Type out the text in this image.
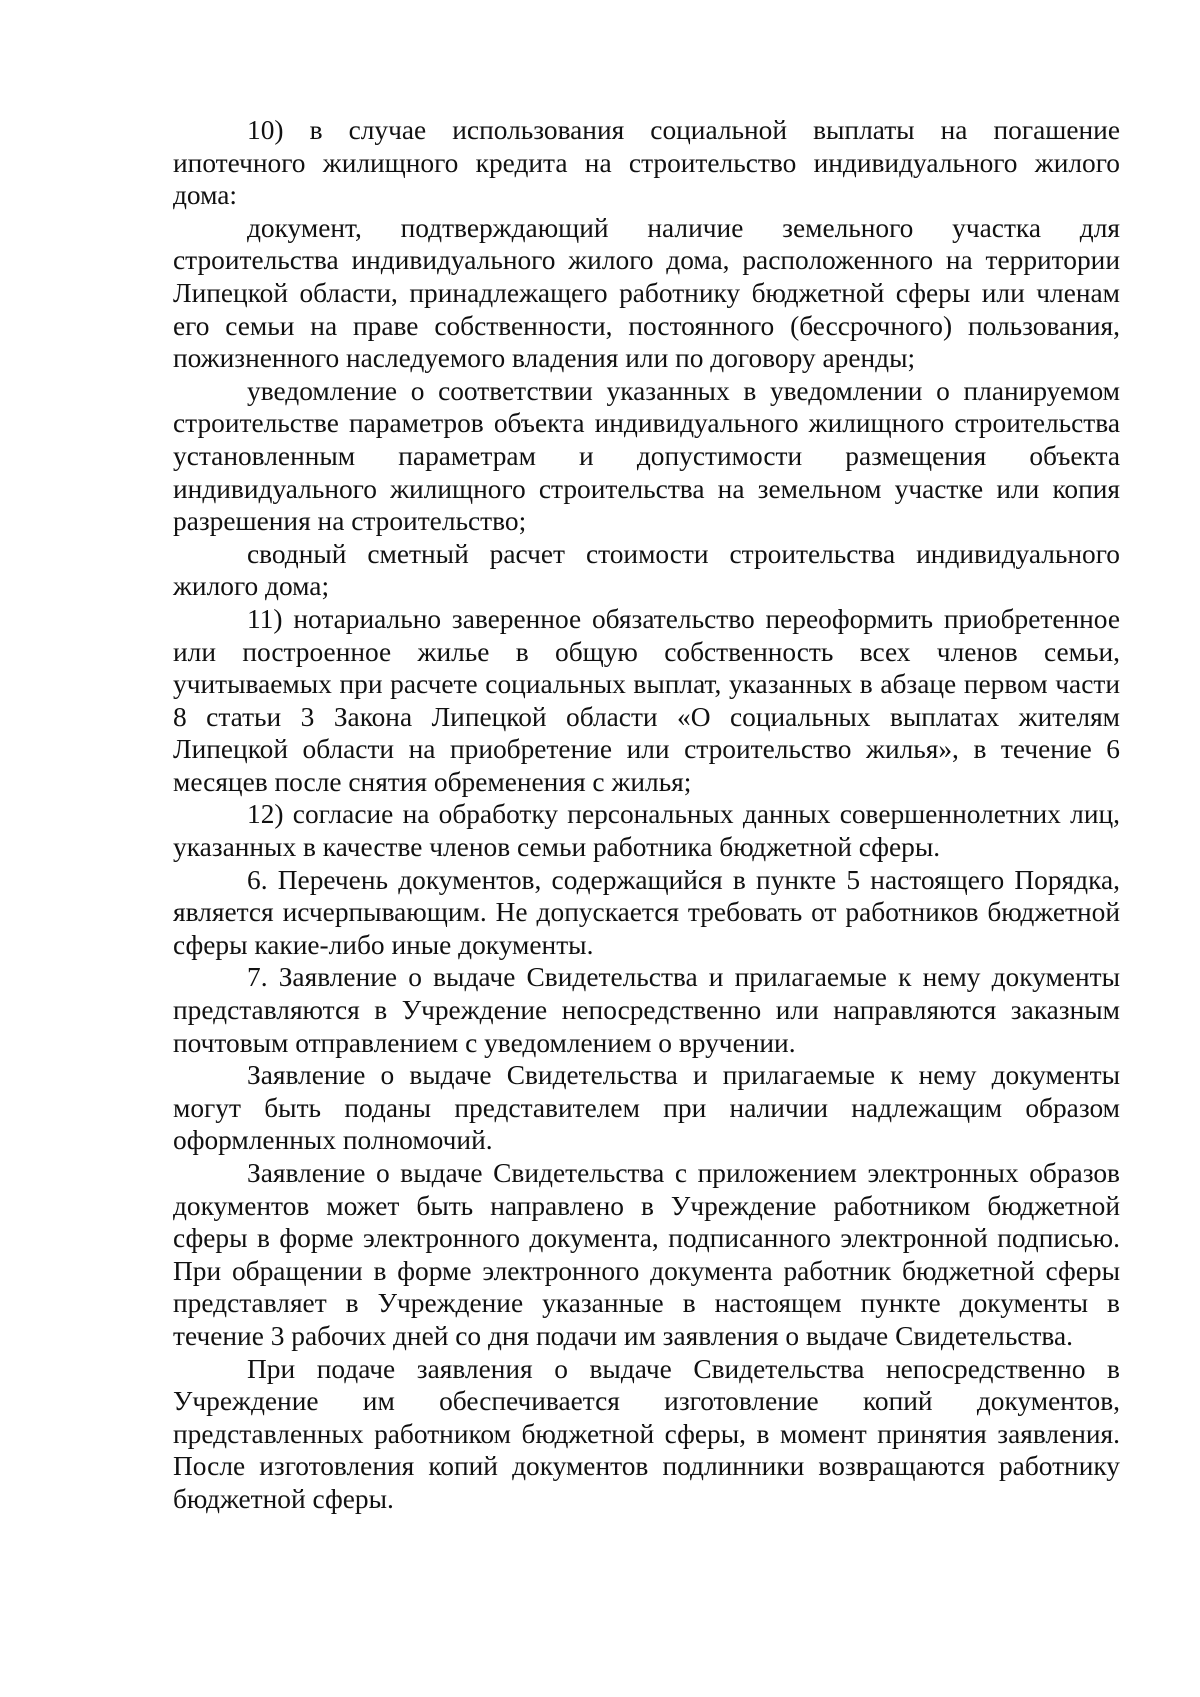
10) в случае использования социальной выплаты на погашение ипотечного жилищного кредита на строительство индивидуального жилого дома:

документ, подтверждающий наличие земельного участка для строительства индивидуального жилого дома, расположенного на территории Липецкой области, принадлежащего работнику бюджетной сферы или членам его семьи на праве собственности, постоянного (бессрочного) пользования, пожизненного наследуемого владения или по договору аренды;

уведомление о соответствии указанных в уведомлении о планируемом строительстве параметров объекта индивидуального жилищного строительства установленным параметрам и допустимости размещения объекта индивидуального жилищного строительства на земельном участке или копия разрешения на строительство;

сводный сметный расчет стоимости строительства индивидуального жилого дома;

11) нотариально заверенное обязательство переоформить приобретенное или построенное жилье в общую собственность всех членов семьи, учитываемых при расчете социальных выплат, указанных в абзаце первом части 8 статьи 3 Закона Липецкой области «О социальных выплатах жителям Липецкой области на приобретение или строительство жилья», в течение 6 месяцев после снятия обременения с жилья;

12) согласие на обработку персональных данных совершеннолетних лиц, указанных в качестве членов семьи работника бюджетной сферы.

6. Перечень документов, содержащийся в пункте 5 настоящего Порядка, является исчерпывающим. Не допускается требовать от работников бюджетной сферы какие-либо иные документы.

7. Заявление о выдаче Свидетельства и прилагаемые к нему документы представляются в Учреждение непосредственно или направляются заказным почтовым отправлением с уведомлением о вручении.

Заявление о выдаче Свидетельства и прилагаемые к нему документы могут быть поданы представителем при наличии надлежащим образом оформленных полномочий.

Заявление о выдаче Свидетельства с приложением электронных образов документов может быть направлено в Учреждение работником бюджетной сферы в форме электронного документа, подписанного электронной подписью. При обращении в форме электронного документа работник бюджетной сферы представляет в Учреждение указанные в настоящем пункте документы в течение 3 рабочих дней со дня подачи им заявления о выдаче Свидетельства.

При подаче заявления о выдаче Свидетельства непосредственно в Учреждение им обеспечивается изготовление копий документов, представленных работником бюджетной сферы, в момент принятия заявления. После изготовления копий документов подлинники возвращаются работнику бюджетной сферы.
